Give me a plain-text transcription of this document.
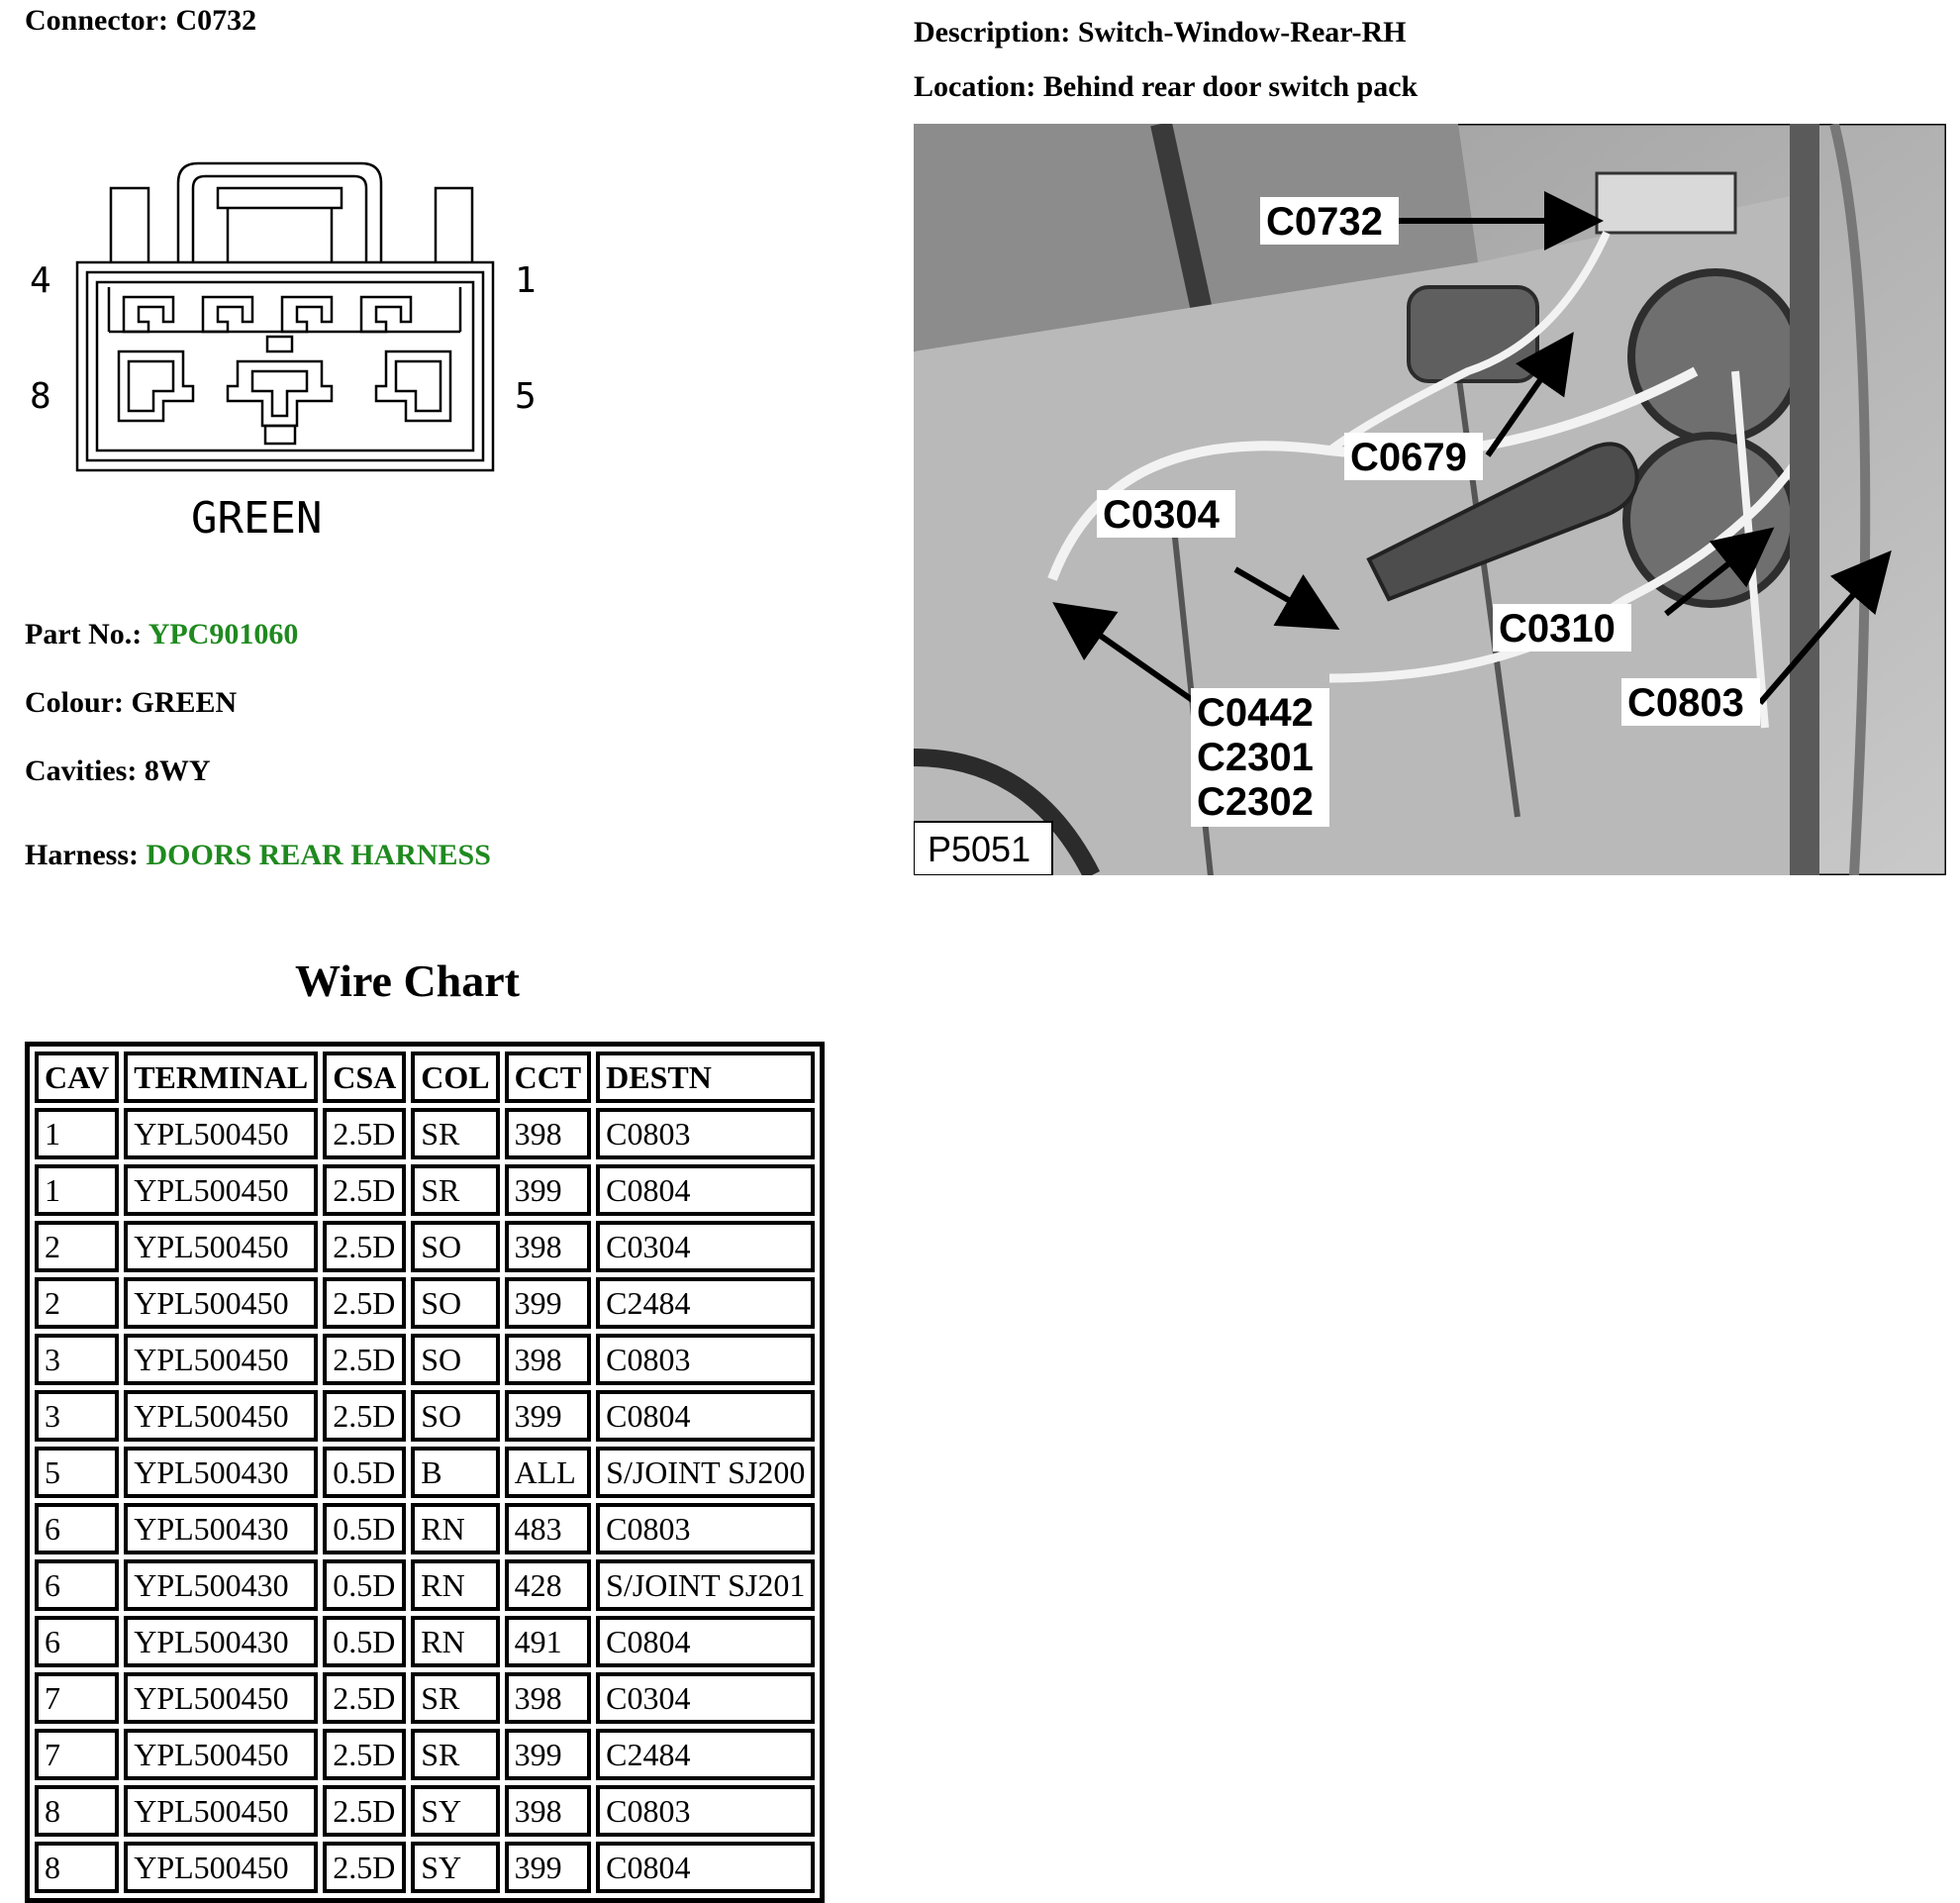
Connector: C0732	Description: Switch-Window-Rear-RH
Location: Behind rear door switch pack
4	1
8	5
GREEN
Part No.: YPC901060
Colour: GREEN
Cavities: 8WY
Harness: DOORS REAR HARNESS
C0732
C0679
C0304
C0310
C0803
C0442
C2301
C2302
P5051
Wire Chart
CAV	TERMINAL	CSA	COL	CCT	DESTN
1	YPL500450	2.5D	SR	398	C0803
1	YPL500450	2.5D	SR	399	C0804
2	YPL500450	2.5D	SO	398	C0304
2	YPL500450	2.5D	SO	399	C2484
3	YPL500450	2.5D	SO	398	C0803
3	YPL500450	2.5D	SO	399	C0804
5	YPL500430	0.5D	B	ALL	S/JOINT SJ200
6	YPL500430	0.5D	RN	483	C0803
6	YPL500430	0.5D	RN	428	S/JOINT SJ201
6	YPL500430	0.5D	RN	491	C0804
7	YPL500450	2.5D	SR	398	C0304
7	YPL500450	2.5D	SR	399	C2484
8	YPL500450	2.5D	SY	398	C0803
8	YPL500450	2.5D	SY	399	C0804
